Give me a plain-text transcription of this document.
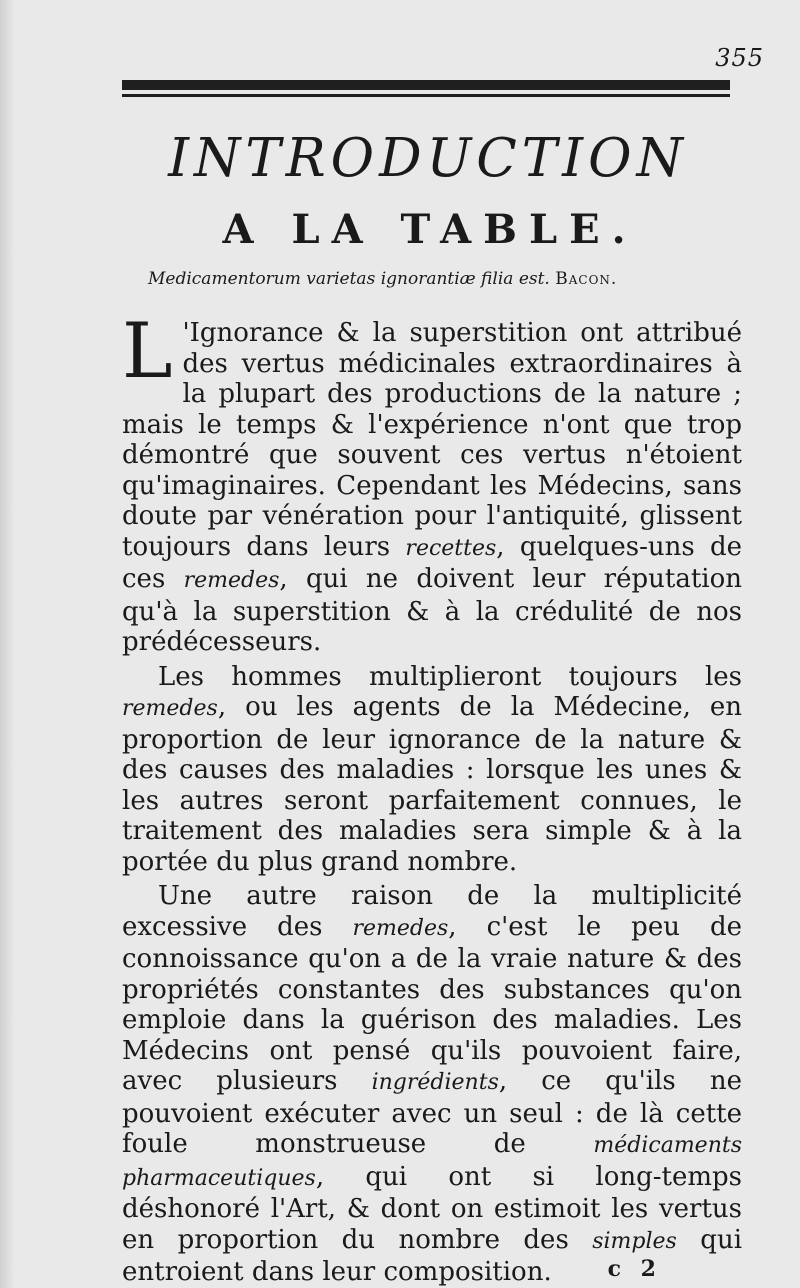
355
INTRODUCTION
A LA TABLE.
Medicamentorum varietas ignorantiæ filia est. Bacon.

L 'Ignorance & la superstition ont attribué des vertus médicinales extraordinaires à la plupart des productions de la nature ; mais le temps & l'expérience n'ont que trop démontré que souvent ces vertus n'étoient qu'imaginaires. Cependant les Médecins, sans doute par vénération pour l'antiquité, glissent toujours dans leurs recettes, quelques-uns de ces remedes, qui ne doivent leur réputation qu'à la superstition & à la crédulité de nos prédécesseurs.

Les hommes multiplieront toujours les remedes, ou les agents de la Médecine, en proportion de leur ignorance de la nature & des causes des maladies : lorsque les unes & les autres seront parfaitement connues, le traitement des maladies sera simple & à la portée du plus grand nombre.

Une autre raison de la multiplicité excessive des remedes, c'est le peu de connoissance qu'on a de la vraie nature & des propriétés constantes des substances qu'on emploie dans la guérison des maladies. Les Médecins ont pensé qu'ils pouvoient faire, avec plusieurs ingrédients, ce qu'ils ne pouvoient exécuter avec un seul : de là cette foule monstrueuse de médicaments pharmaceutiques, qui ont si long-temps déshonoré l'Art, & dont on estimoit les vertus en proportion du nombre des simples qui entroient dans leur composition.	c 2
